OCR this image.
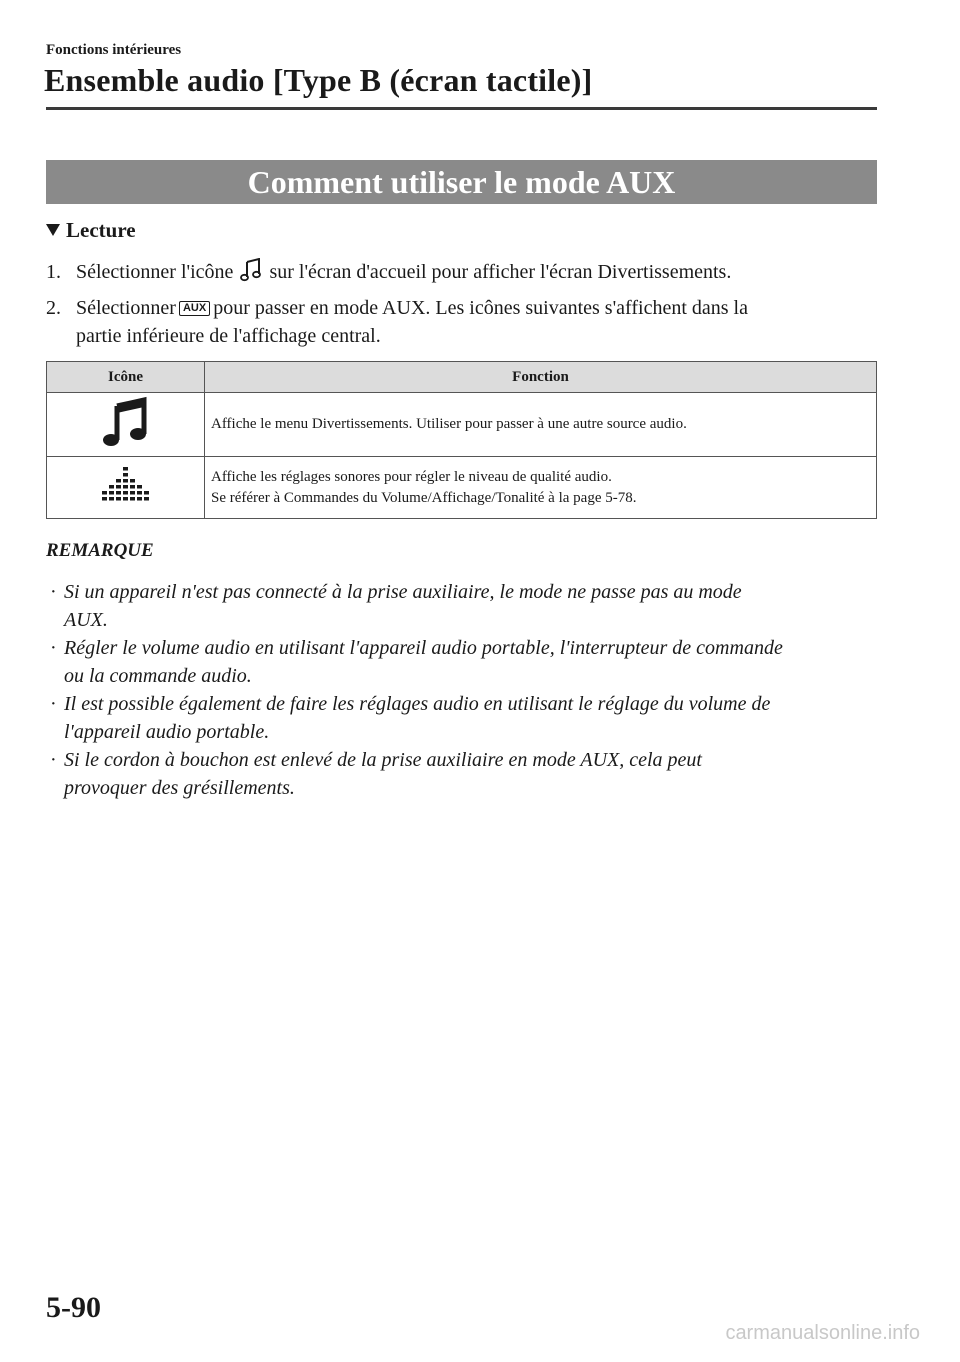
Fonctions intérieures
Ensemble audio [Type B (écran tactile)]
Comment utiliser le mode AUX
Lecture
1. Sélectionner l'icône sur l'écran d'accueil pour afficher l'écran Divertissements.
2. Sélectionner AUX pour passer en mode AUX. Les icônes suivantes s'affichent dans la
partie inférieure de l'affichage central.
Icône	Fonction
	Affiche le menu Divertissements. Utiliser pour passer à une autre source audio.

Affiche les réglages sonores pour régler le niveau de qualité audio.
Se référer à Commandes du Volume/Affichage/Tonalité à la page 5-78.
REMARQUE
· Si un appareil n'est pas connecté à la prise auxiliaire, le mode ne passe pas au mode
AUX.
· Régler le volume audio en utilisant l'appareil audio portable, l'interrupteur de commande
ou la commande audio.
· Il est possible également de faire les réglages audio en utilisant le réglage du volume de
l'appareil audio portable.
· Si le cordon à bouchon est enlevé de la prise auxiliaire en mode AUX, cela peut
provoquer des grésillements.
5-90
carmanualsonline.info
